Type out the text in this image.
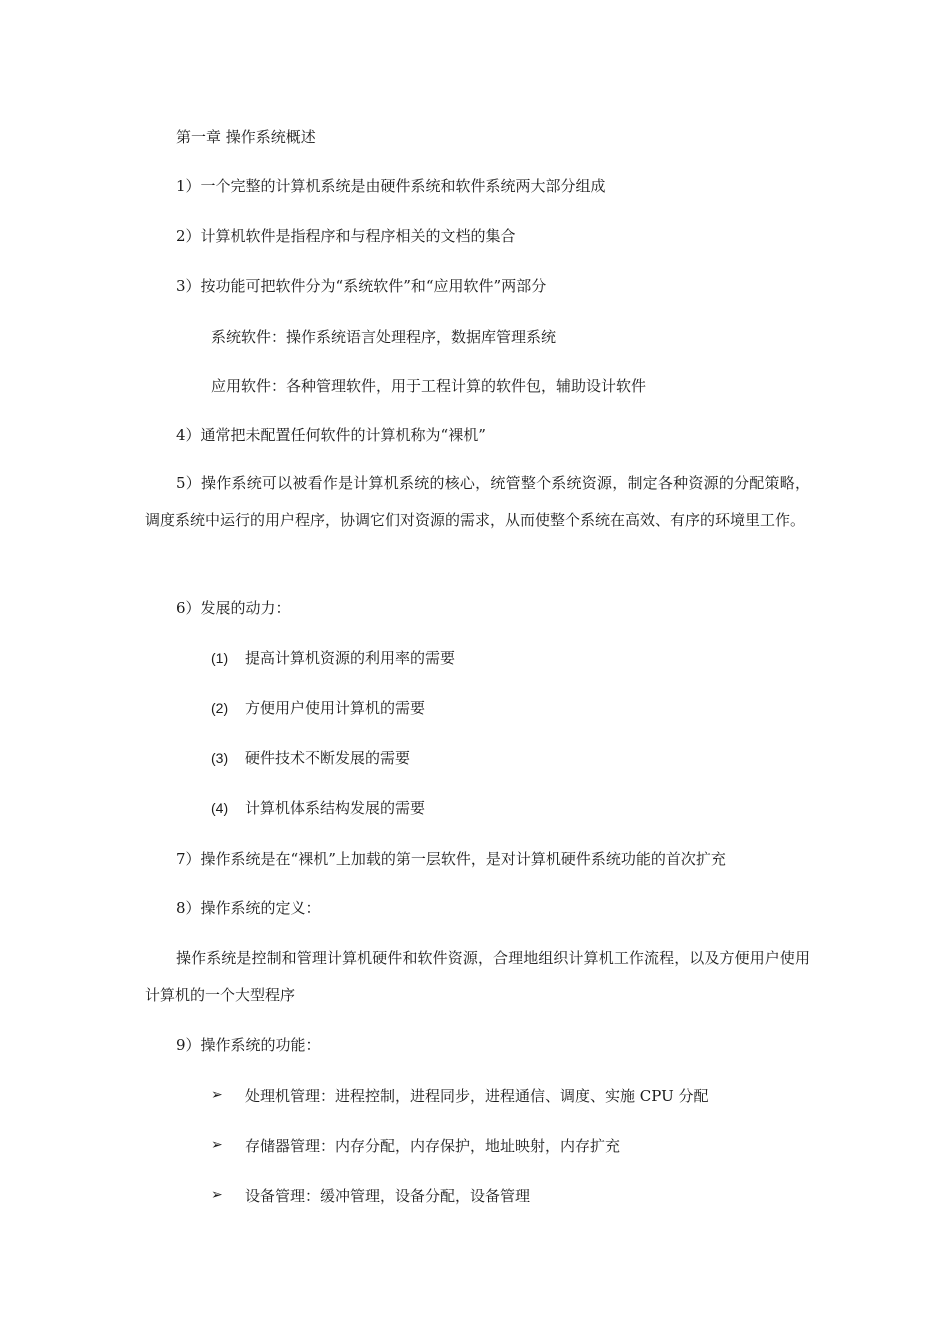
第一章 操作系统概述
1）一个完整的计算机系统是由硬件系统和软件系统两大部分组成
2）计算机软件是指程序和与程序相关的文档的集合
3）按功能可把软件分为“系统软件”和“应用软件”两部分
系统软件：操作系统语言处理程序，数据库管理系统
应用软件：各种管理软件，用于工程计算的软件包，辅助设计软件
4）通常把未配置任何软件的计算机称为“裸机”
5）操作系统可以被看作是计算机系统的核心，统管整个系统资源，制定各种资源的分配策略，调度系统中运行的用户程序，协调它们对资源的需求，从而使整个系统在高效、有序的环境里工作。
6）发展的动力：
(1) 提高计算机资源的利用率的需要
(2) 方便用户使用计算机的需要
(3) 硬件技术不断发展的需要
(4) 计算机体系结构发展的需要
7）操作系统是在“裸机”上加载的第一层软件，是对计算机硬件系统功能的首次扩充
8）操作系统的定义：
操作系统是控制和管理计算机硬件和软件资源，合理地组织计算机工作流程，以及方便用户使用计算机的一个大型程序
9）操作系统的功能：
➢ 处理机管理：进程控制，进程同步，进程通信、调度、实施 CPU 分配
➢ 存储器管理：内存分配，内存保护，地址映射，内存扩充
➢ 设备管理：缓冲管理，设备分配，设备管理
